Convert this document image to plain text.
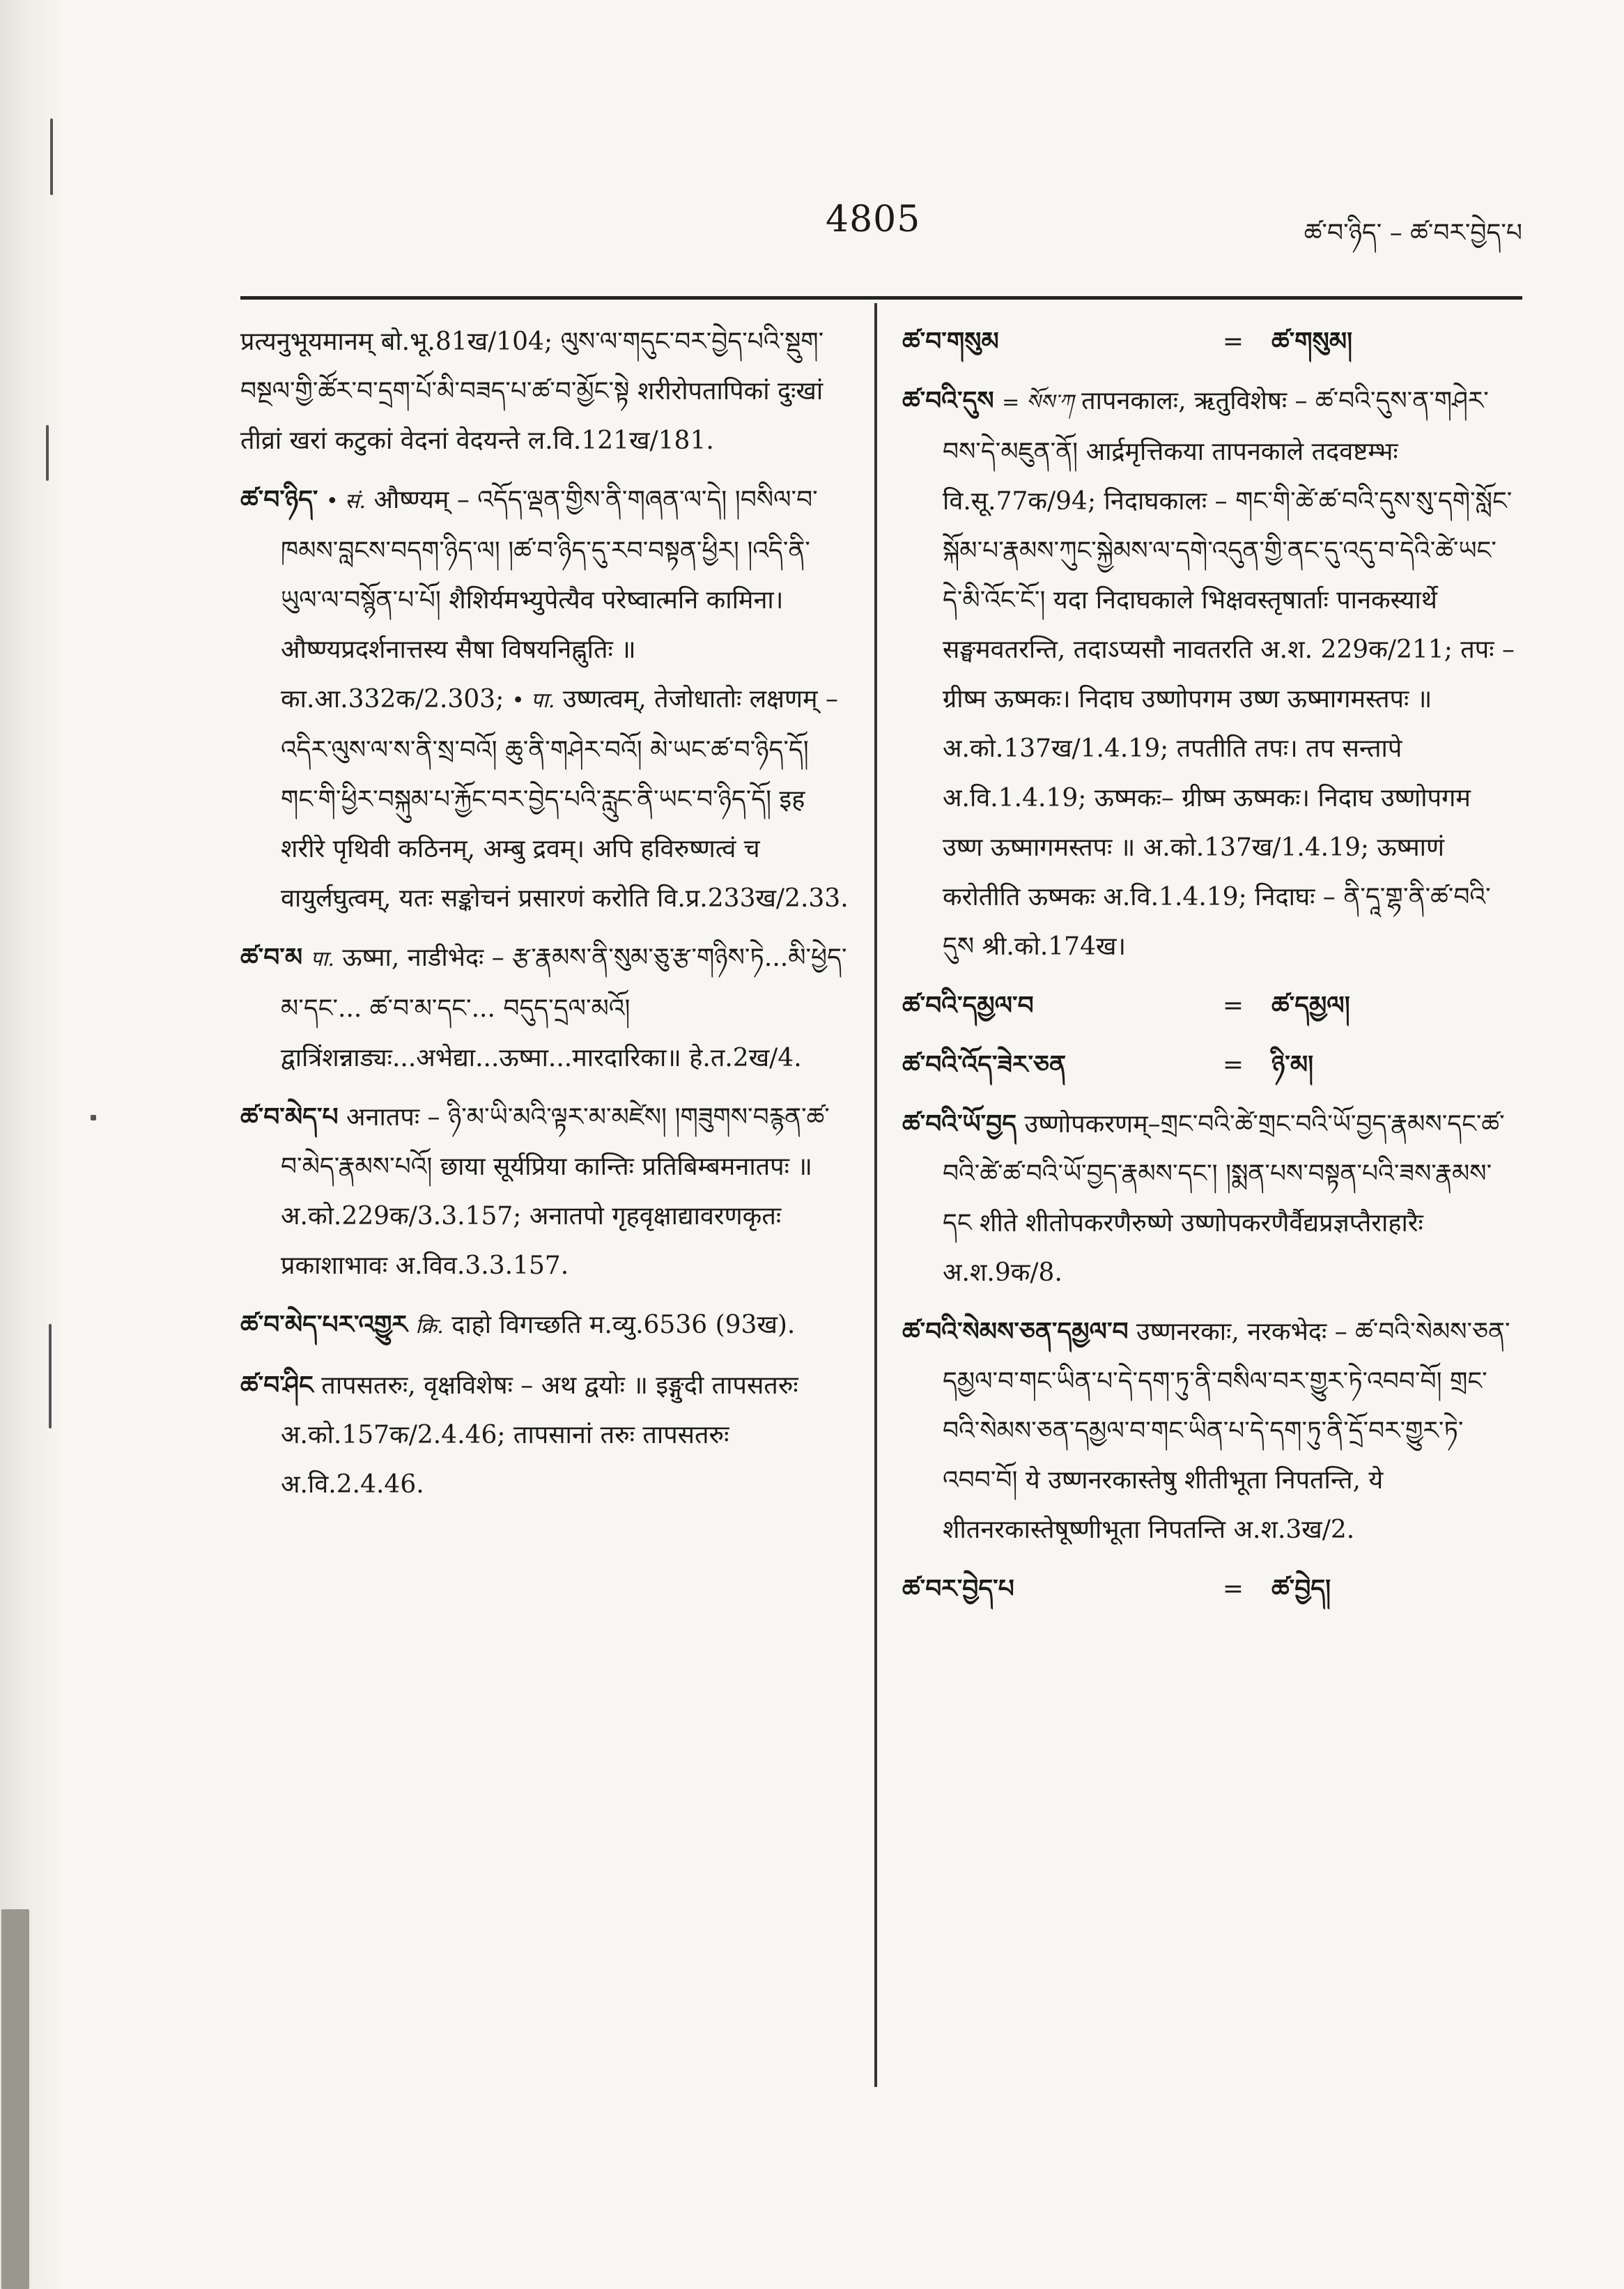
4805	ཚ་བ་ཉིད་ – ཚ་བར་བྱེད་པ

प्रत्यनुभूयमानम् बो.भू.81ख/104; ལུས་ལ་གདུང་བར་བྱེད་པའི་སྡུག་བསྔལ་གྱི་ཚོར་བ་དྲག་པོ་མི་བཟད་པ་ཚ་བ་མྱོང་སྟེ शरीरोपतापिकां दुःखां तीव्रां खरां कटुकां वेदनां वेदयन्ते ल.वि.121ख/181.

ཚ་བ་ཉིད་ • सं. औष्ण्यम् – འདོད་ལྡན་གྱིས་ནི་གཞན་ལ་དེ། །བསིལ་བ་ཁམས་བླངས་བདག་ཉིད་ལ། །ཚ་བ་ཉིད་དུ་རབ་བསྟན་ཕྱིར། །འདི་ནི་ཡུལ་ལ་བསྙོན་པ་པོ། शैशिर्यमभ्युपेत्यैव परेष्वात्मनि कामिना। औष्ण्यप्रदर्शनात्तस्य सैषा विषयनिह्नुतिः ॥ का.आ.332क/2.303; • पा. उष्णत्वम्, तेजोधातोः लक्षणम् – འདིར་ལུས་ལ་ས་ནི་སྲ་བའོ། ཆུ་ནི་གཤེར་བའོ། མེ་ཡང་ཚ་བ་ཉིད་དོ། གང་གི་ཕྱིར་བསྐུམ་པ་རྐྱོང་བར་བྱེད་པའི་རླུང་ནི་ཡང་བ་ཉིད་དོ། इह शरीरे पृथिवी कठिनम्, अम्बु द्रवम्। अपि हविरुष्णत्वं च वायुर्लघुत्वम्, यतः सङ्कोचनं प्रसारणं करोति वि.प्र.233ख/2.33.

ཚ་བ་མ पा. ऊष्मा, नाडीभेदः – རྩ་རྣམས་ནི་སུམ་ཅུ་རྩ་གཉིས་ཏེ...མི་ཕྱེད་མ་དང་... ཚ་བ་མ་དང་... བདུད་དྲལ་མའོ། द्वात्रिंशन्नाड्यः...अभेद्या...ऊष्मा...मारदारिका॥ हे.त.2ख/4.

ཚ་བ་མེད་པ अनातपः – ཉི་མ་ཡི་མའི་ལྟར་མ་མཛེས། །གཟུགས་བརྙན་ཚ་བ་མེད་རྣམས་པའོ། छाया सूर्यप्रिया कान्तिः प्रतिबिम्बमनातपः ॥ अ.को.229क/3.3.157; अनातपो गृहवृक्षाद्यावरणकृतः प्रकाशाभावः अ.विव.3.3.157.

ཚ་བ་མེད་པར་འགྱུར क्रि. दाहो विगच्छति म.व्यु.6536 (93ख).

ཚ་བ་ཤིང तापसतरुः, वृक्षविशेषः – अथ द्वयोः ॥ इङ्गुदी तापसतरुः अ.को.157क/2.4.46; तापसानां तरुः तापसतरुः अ.वि.2.4.46.

ཚ་བ་གསུམ	=	ཚ་གསུམ།

ཚ་བའི་དུས = སོས་ཀ तापनकालः, ऋतुविशेषः – ཚ་བའི་དུས་ན་གཤེར་བས་དེ་མཇུན་ནོ། आर्द्रमृत्तिकया तापनकाले तदवष्टम्भः वि.सू.77क/94; निदाघकालः – གང་གི་ཚེ་ཚ་བའི་དུས་སུ་དགེ་སློང་སྐོམ་པ་རྣམས་ཀུང་སྐྱེམས་ལ་དགེ་འདུན་གྱི་ནང་དུ་འདུ་བ་དེའི་ཚེ་ཡང་དེ་མི་འོང་ངོ་། यदा निदाघकाले भिक्षवस्तृषार्ताः पानकस्यार्थे सङ्घमवतरन्ति, तदाऽप्यसौ नावतरति अ.श. 229क/211; तपः – ग्रीष्म ऊष्मकः। निदाघ उष्णोपगम उष्ण ऊष्मागमस्तपः ॥ अ.को.137ख/1.4.19; तपतीति तपः। तप सन्तापे अ.वि.1.4.19; ऊष्मकः– ग्रीष्म ऊष्मकः। निदाघ उष्णोपगम उष्ण ऊष्मागमस्तपः ॥ अ.को.137ख/1.4.19; ऊष्माणं करोतीति ऊष्मकः अ.वि.1.4.19; निदाघः – ནི་དཱ་གྷ་ནི་ཚ་བའི་དུས श्री.को.174ख।

ཚ་བའི་དམྱལ་བ	=	ཚ་དམྱལ།
ཚ་བའི་འོད་ཟེར་ཅན	=	ཉི་མ།

ཚ་བའི་ཡོ་བྱད उष्णोपकरणम्–གྲང་བའི་ཚེ་གྲང་བའི་ཡོ་བྱད་རྣམས་དང་ཚ་བའི་ཚེ་ཚ་བའི་ཡོ་བྱད་རྣམས་དང་། །སྨན་པས་བསྟན་པའི་ཟས་རྣམས་དང शीते शीतोपकरणैरुष्णे उष्णोपकरणैर्वैद्यप्रज्ञप्तैराहारैः अ.श.9क/8.

ཚ་བའི་སེམས་ཅན་དམྱལ་བ उष्णनरकाः, नरकभेदः – ཚ་བའི་སེམས་ཅན་དམྱལ་བ་གང་ཡིན་པ་དེ་དག་ཏུ་ནི་བསིལ་བར་གྱུར་ཏེ་འབབ་བོ། གྲང་བའི་སེམས་ཅན་དམྱལ་བ་གང་ཡིན་པ་དེ་དག་ཏུ་ནི་དྲོ་བར་གྱུར་ཏེ་འབབ་བོ། ये उष्णनरकास्तेषु शीतीभूता निपतन्ति, ये शीतनरकास्तेषूष्णीभूता निपतन्ति अ.श.3ख/2.

ཚ་བར་བྱེད་པ	=	ཚ་བྱེད།
